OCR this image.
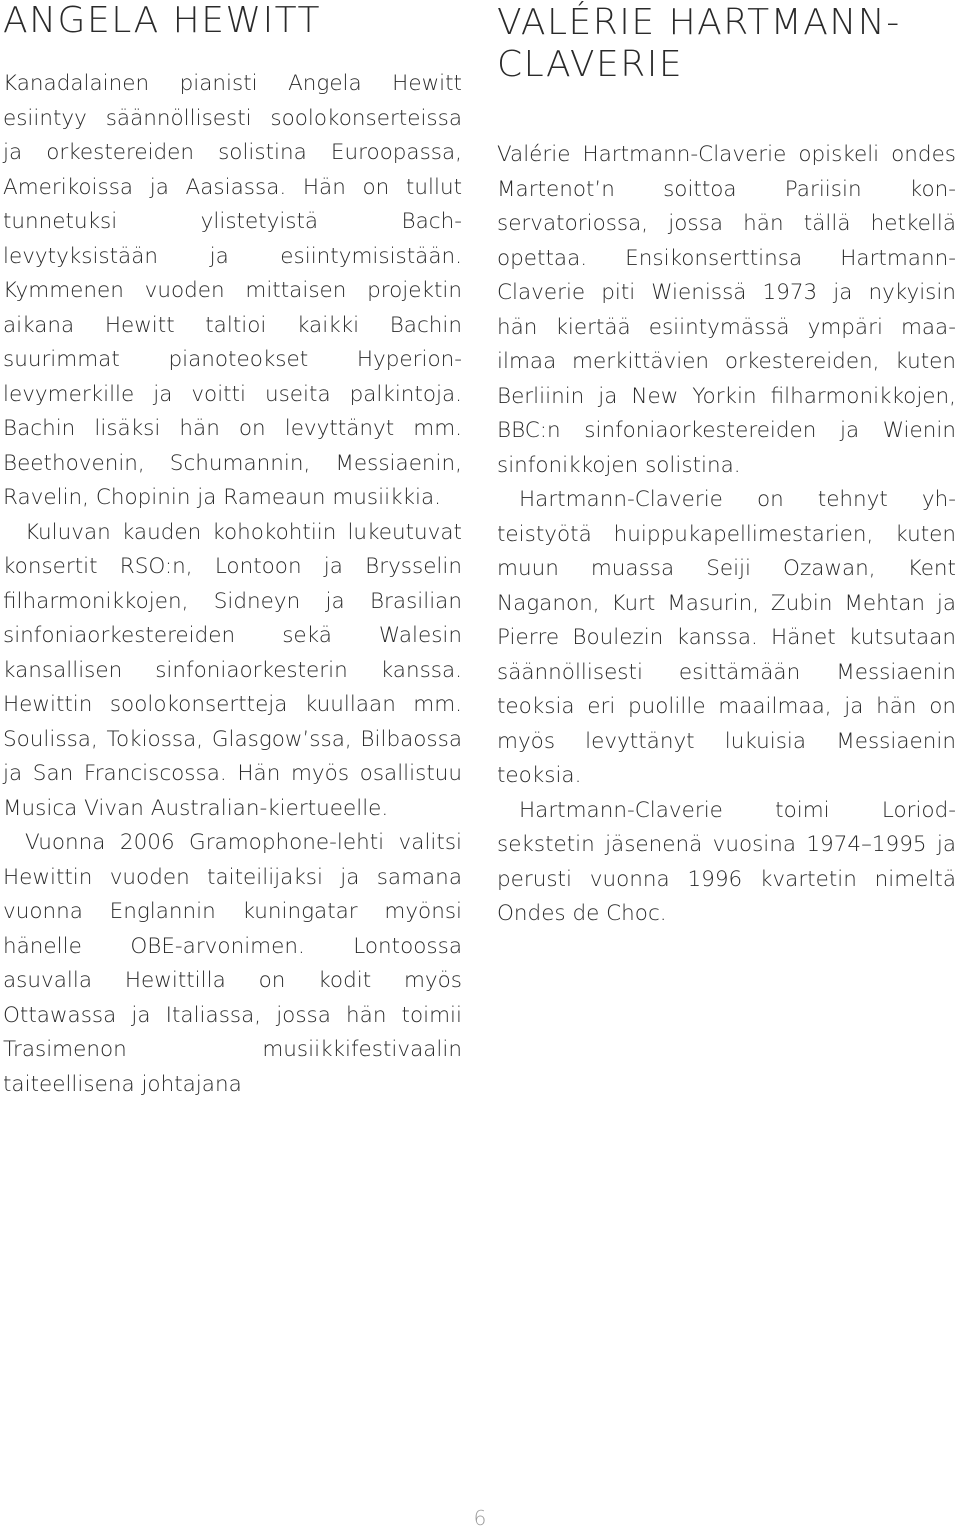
ANGELA HEWITT

Kanadalainen pianisti Angela Hewitt esiintyy säännöllisesti soolokonserteissa ja orkestereiden solistina Euroopassa, Amerikoissa ja Aasiassa. Hän on tullut tunnetuksi ylistetyistä Bach-levytyksistään ja esiintymisistään. Kymmenen vuoden mittaisen projektin aikana Hewitt taltioi kaikki Bachin suurimmat pianoteokset Hyperion-levymerkille ja voitti useita palkintoja. Bachin lisäksi hän on levyttänyt mm. Beethovenin, Schumannin, Messiaenin, Ravelin, Chopinin ja Rameaun musiikkia.

Kuluvan kauden kohokohtiin lukeutuvat konsertit RSO:n, Lontoon ja Brysselin filharmonikkojen, Sidneyn ja Brasilian sinfoniaorkestereiden sekä Walesin kansallisen sinfoniaorkesterin kanssa. Hewittin soolokonsertteja kuullaan mm. Soulissa, Tokiossa, Glasgow’ssa, Bilbaossa ja San Franciscossa. Hän myös osallistuu Musica Vivan Australian-kiertueelle.

Vuonna 2006 Gramophone-lehti valitsi Hewittin vuoden taiteilijaksi ja samana vuonna Englannin kuningatar myönsi hänelle OBE-arvonimen. Lontoossa asuvalla Hewittilla on kodit myös Ottawassa ja Italiassa, jossa hän toimii Trasimenon musiikkifestivaalin taiteellisena johtajana

VALÉRIE HARTMANN-CLAVERIE

Valérie Hartmann-Claverie opiskeli ondes Martenot’n soittoa Pariisin konservatoriossa, jossa hän tällä hetkellä opettaa. Ensikonserttinsa Hartmann-Claverie piti Wienissä 1973 ja nykyisin hän kiertää esiintymässä ympäri maailmaa merkittävien orkestereiden, kuten Berliinin ja New Yorkin filharmonikkojen, BBC:n sinfoniaorkestereiden ja Wienin sinfonikkojen solistina.

Hartmann-Claverie on tehnyt yhteistyötä huippukapellimestarien, kuten muun muassa Seiji Ozawan, Kent Naganon, Kurt Masurin, Zubin Mehtan ja Pierre Boulezin kanssa. Hänet kutsutaan säännöllisesti esittämään Messiaenin teoksia eri puolille maailmaa, ja hän on myös levyttänyt lukuisia Messiaenin teoksia.

Hartmann-Claverie toimi Loriod-sekstetin jäsenenä vuosina 1974–1995 ja perusti vuonna 1996 kvartetin nimeltä Ondes de Choc.

6
